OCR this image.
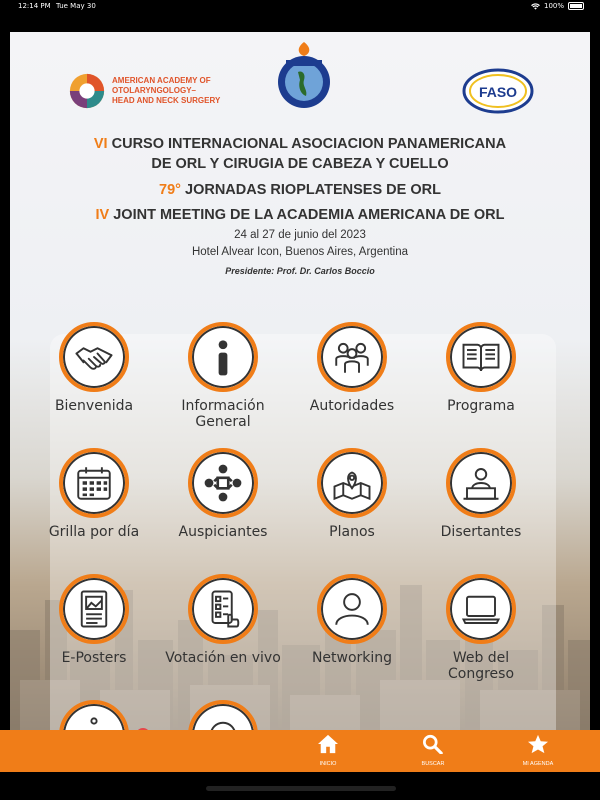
12:14 PM Tue May 30	100%
AMERICAN ACADEMY OF
OTOLARYNGOLOGY–
HEAD AND NECK SURGERY
FASO
VI CURSO INTERNACIONAL ASOCIACION PANAMERICANA
DE ORL Y CIRUGIA DE CABEZA Y CUELLO
79° JORNADAS RIOPLATENSES DE ORL
IV JOINT MEETING DE LA ACADEMIA AMERICANA DE ORL
24 al 27 de junio del 2023
Hotel Alvear Icon, Buenos Aires, Argentina
Presidente: Prof. Dr. Carlos Boccio
Bienvenida	Información General
Autoridades	Programa
Grilla por día	Auspiciantes	Planos	Disertantes
E-Posters	Votación en vivo	Networking	Web del Congreso
INICIO	BUSCAR	MI AGENDA
